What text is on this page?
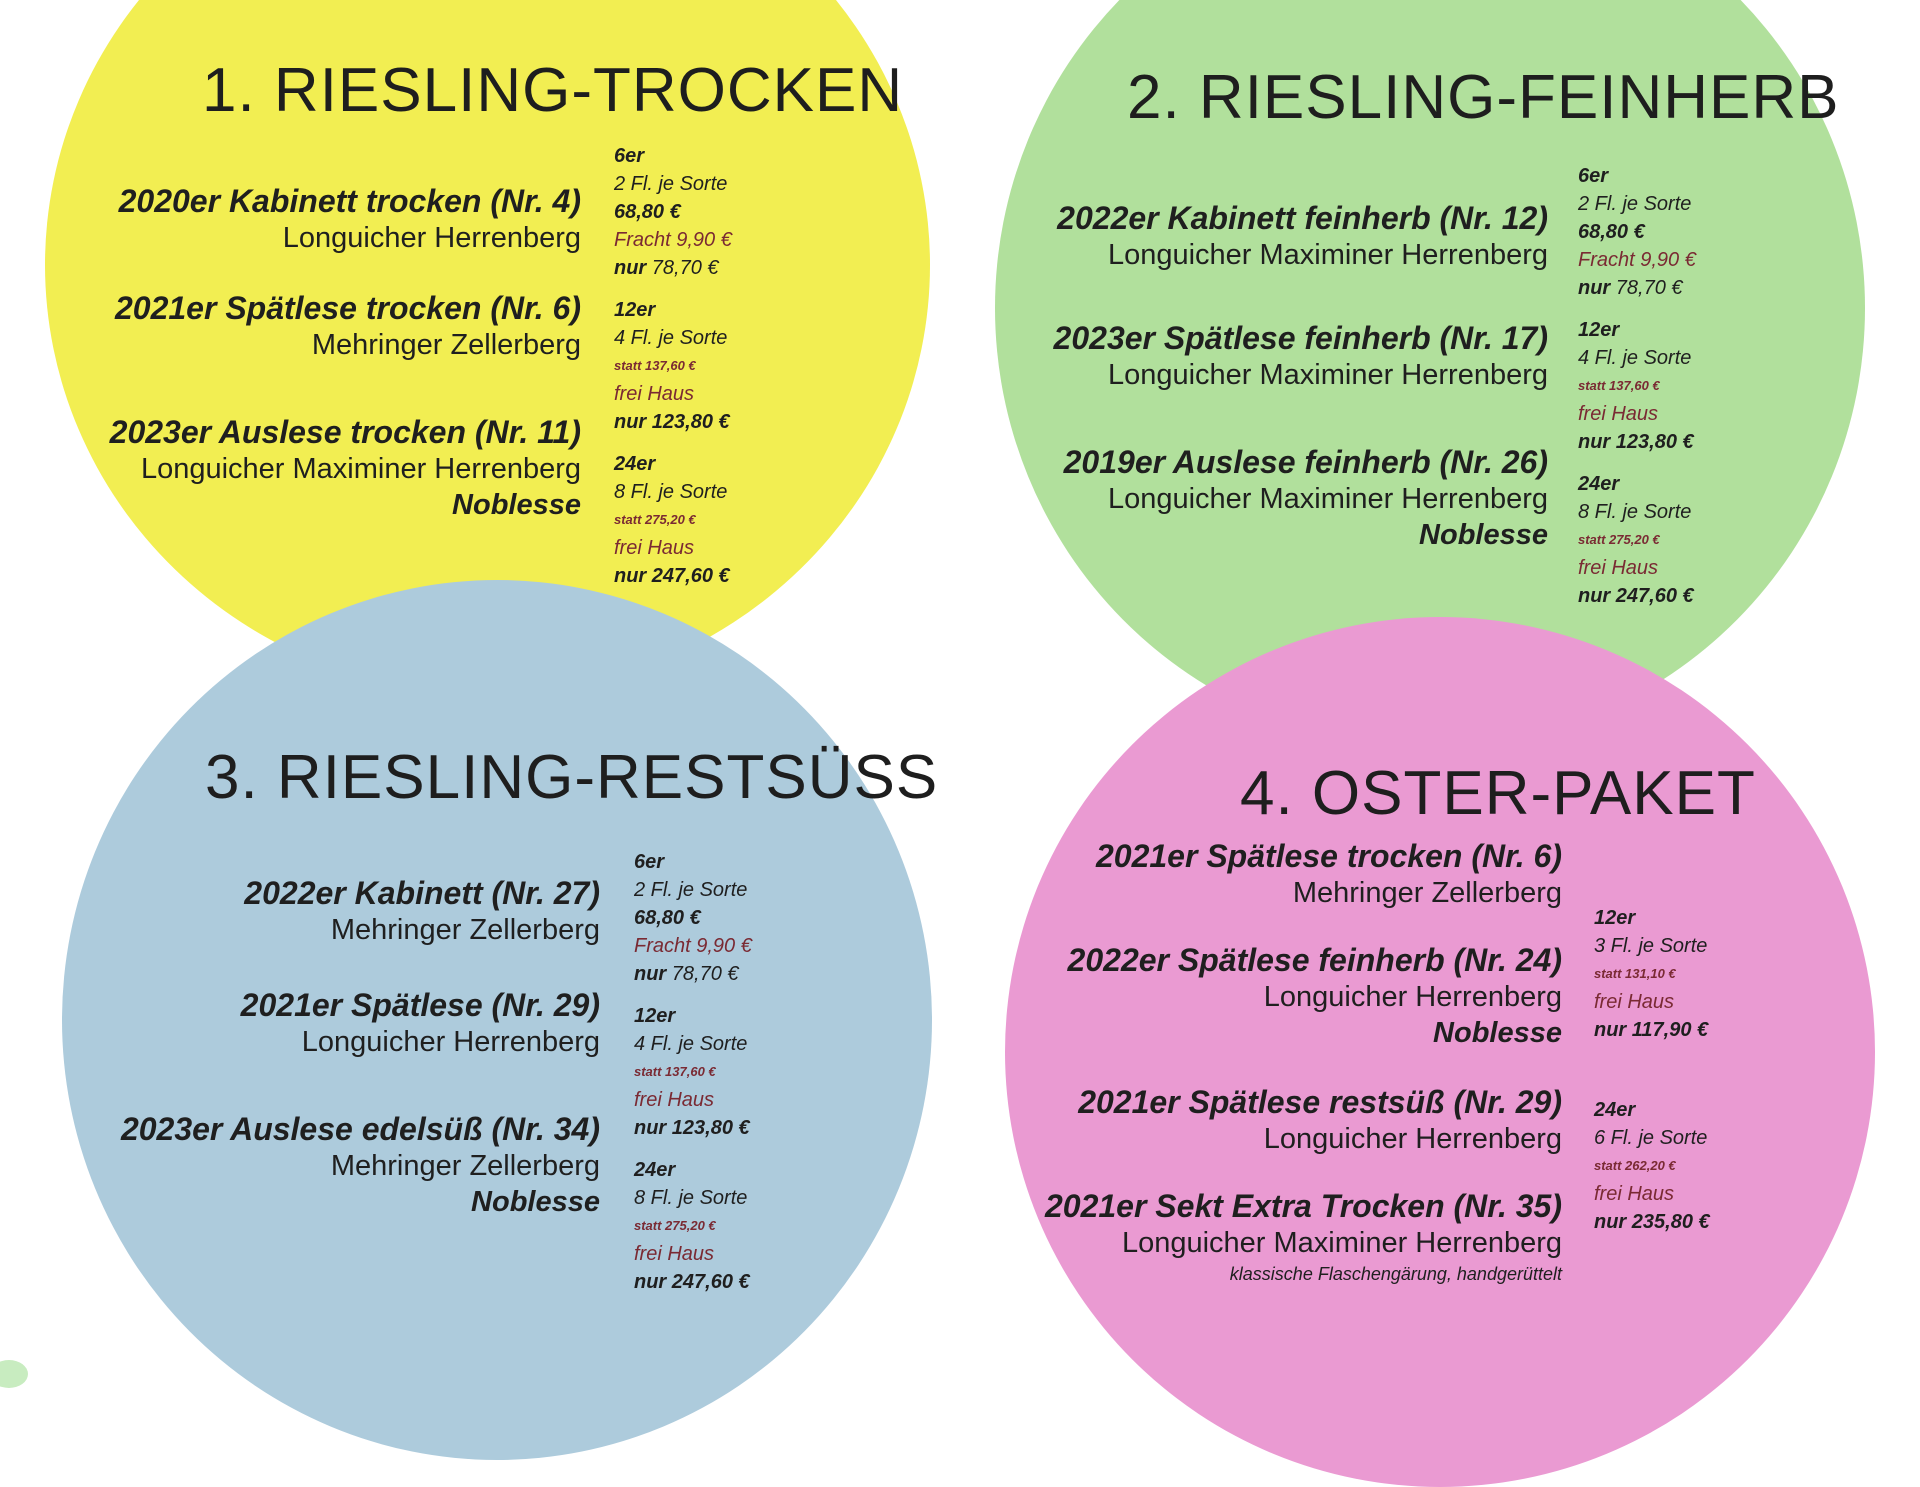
1. RIESLING-TROCKEN
2020er Kabinett trocken (Nr. 4)
Longuicher Herrenberg
2021er Spätlese trocken (Nr. 6)
Mehringer Zellerberg
2023er Auslese trocken (Nr. 11)
Longuicher Maximiner Herrenberg
Noblesse
6er
2 Fl. je Sorte
68,80 €
Fracht 9,90 €
nur 78,70 €
12er
4 Fl. je Sorte
statt 137,60 €
frei Haus
nur 123,80 €
24er
8 Fl. je Sorte
statt 275,20 €
frei Haus
nur 247,60 €
2. RIESLING-FEINHERB
2022er Kabinett feinherb (Nr. 12)
Longuicher Maximiner Herrenberg
2023er Spätlese feinherb (Nr. 17)
Longuicher Maximiner Herrenberg
2019er Auslese feinherb (Nr. 26)
Longuicher Maximiner Herrenberg
Noblesse
6er
2 Fl. je Sorte
68,80 €
Fracht 9,90 €
nur 78,70 €
12er
4 Fl. je Sorte
statt 137,60 €
frei Haus
nur 123,80 €
24er
8 Fl. je Sorte
statt 275,20 €
frei Haus
nur 247,60 €
3. RIESLING-RESTSÜSS
2022er Kabinett (Nr. 27)
Mehringer Zellerberg
2021er Spätlese (Nr. 29)
Longuicher Herrenberg
2023er Auslese edelsüß (Nr. 34)
Mehringer Zellerberg
Noblesse
6er
2 Fl. je Sorte
68,80 €
Fracht 9,90 €
nur 78,70 €
12er
4 Fl. je Sorte
statt 137,60 €
frei Haus
nur 123,80 €
24er
8 Fl. je Sorte
statt 275,20 €
frei Haus
nur 247,60 €
4. OSTER-PAKET
2021er Spätlese trocken (Nr. 6)
Mehringer Zellerberg
2022er Spätlese feinherb (Nr. 24)
Longuicher Herrenberg
Noblesse
2021er Spätlese restsüß (Nr. 29)
Longuicher Herrenberg
2021er Sekt Extra Trocken (Nr. 35)
Longuicher Maximiner Herrenberg
klassische Flaschengärung, handgerüttelt
12er
3 Fl. je Sorte
statt 131,10 €
frei Haus
nur 117,90 €
24er
6 Fl. je Sorte
statt 262,20 €
frei Haus
nur 235,80 €
